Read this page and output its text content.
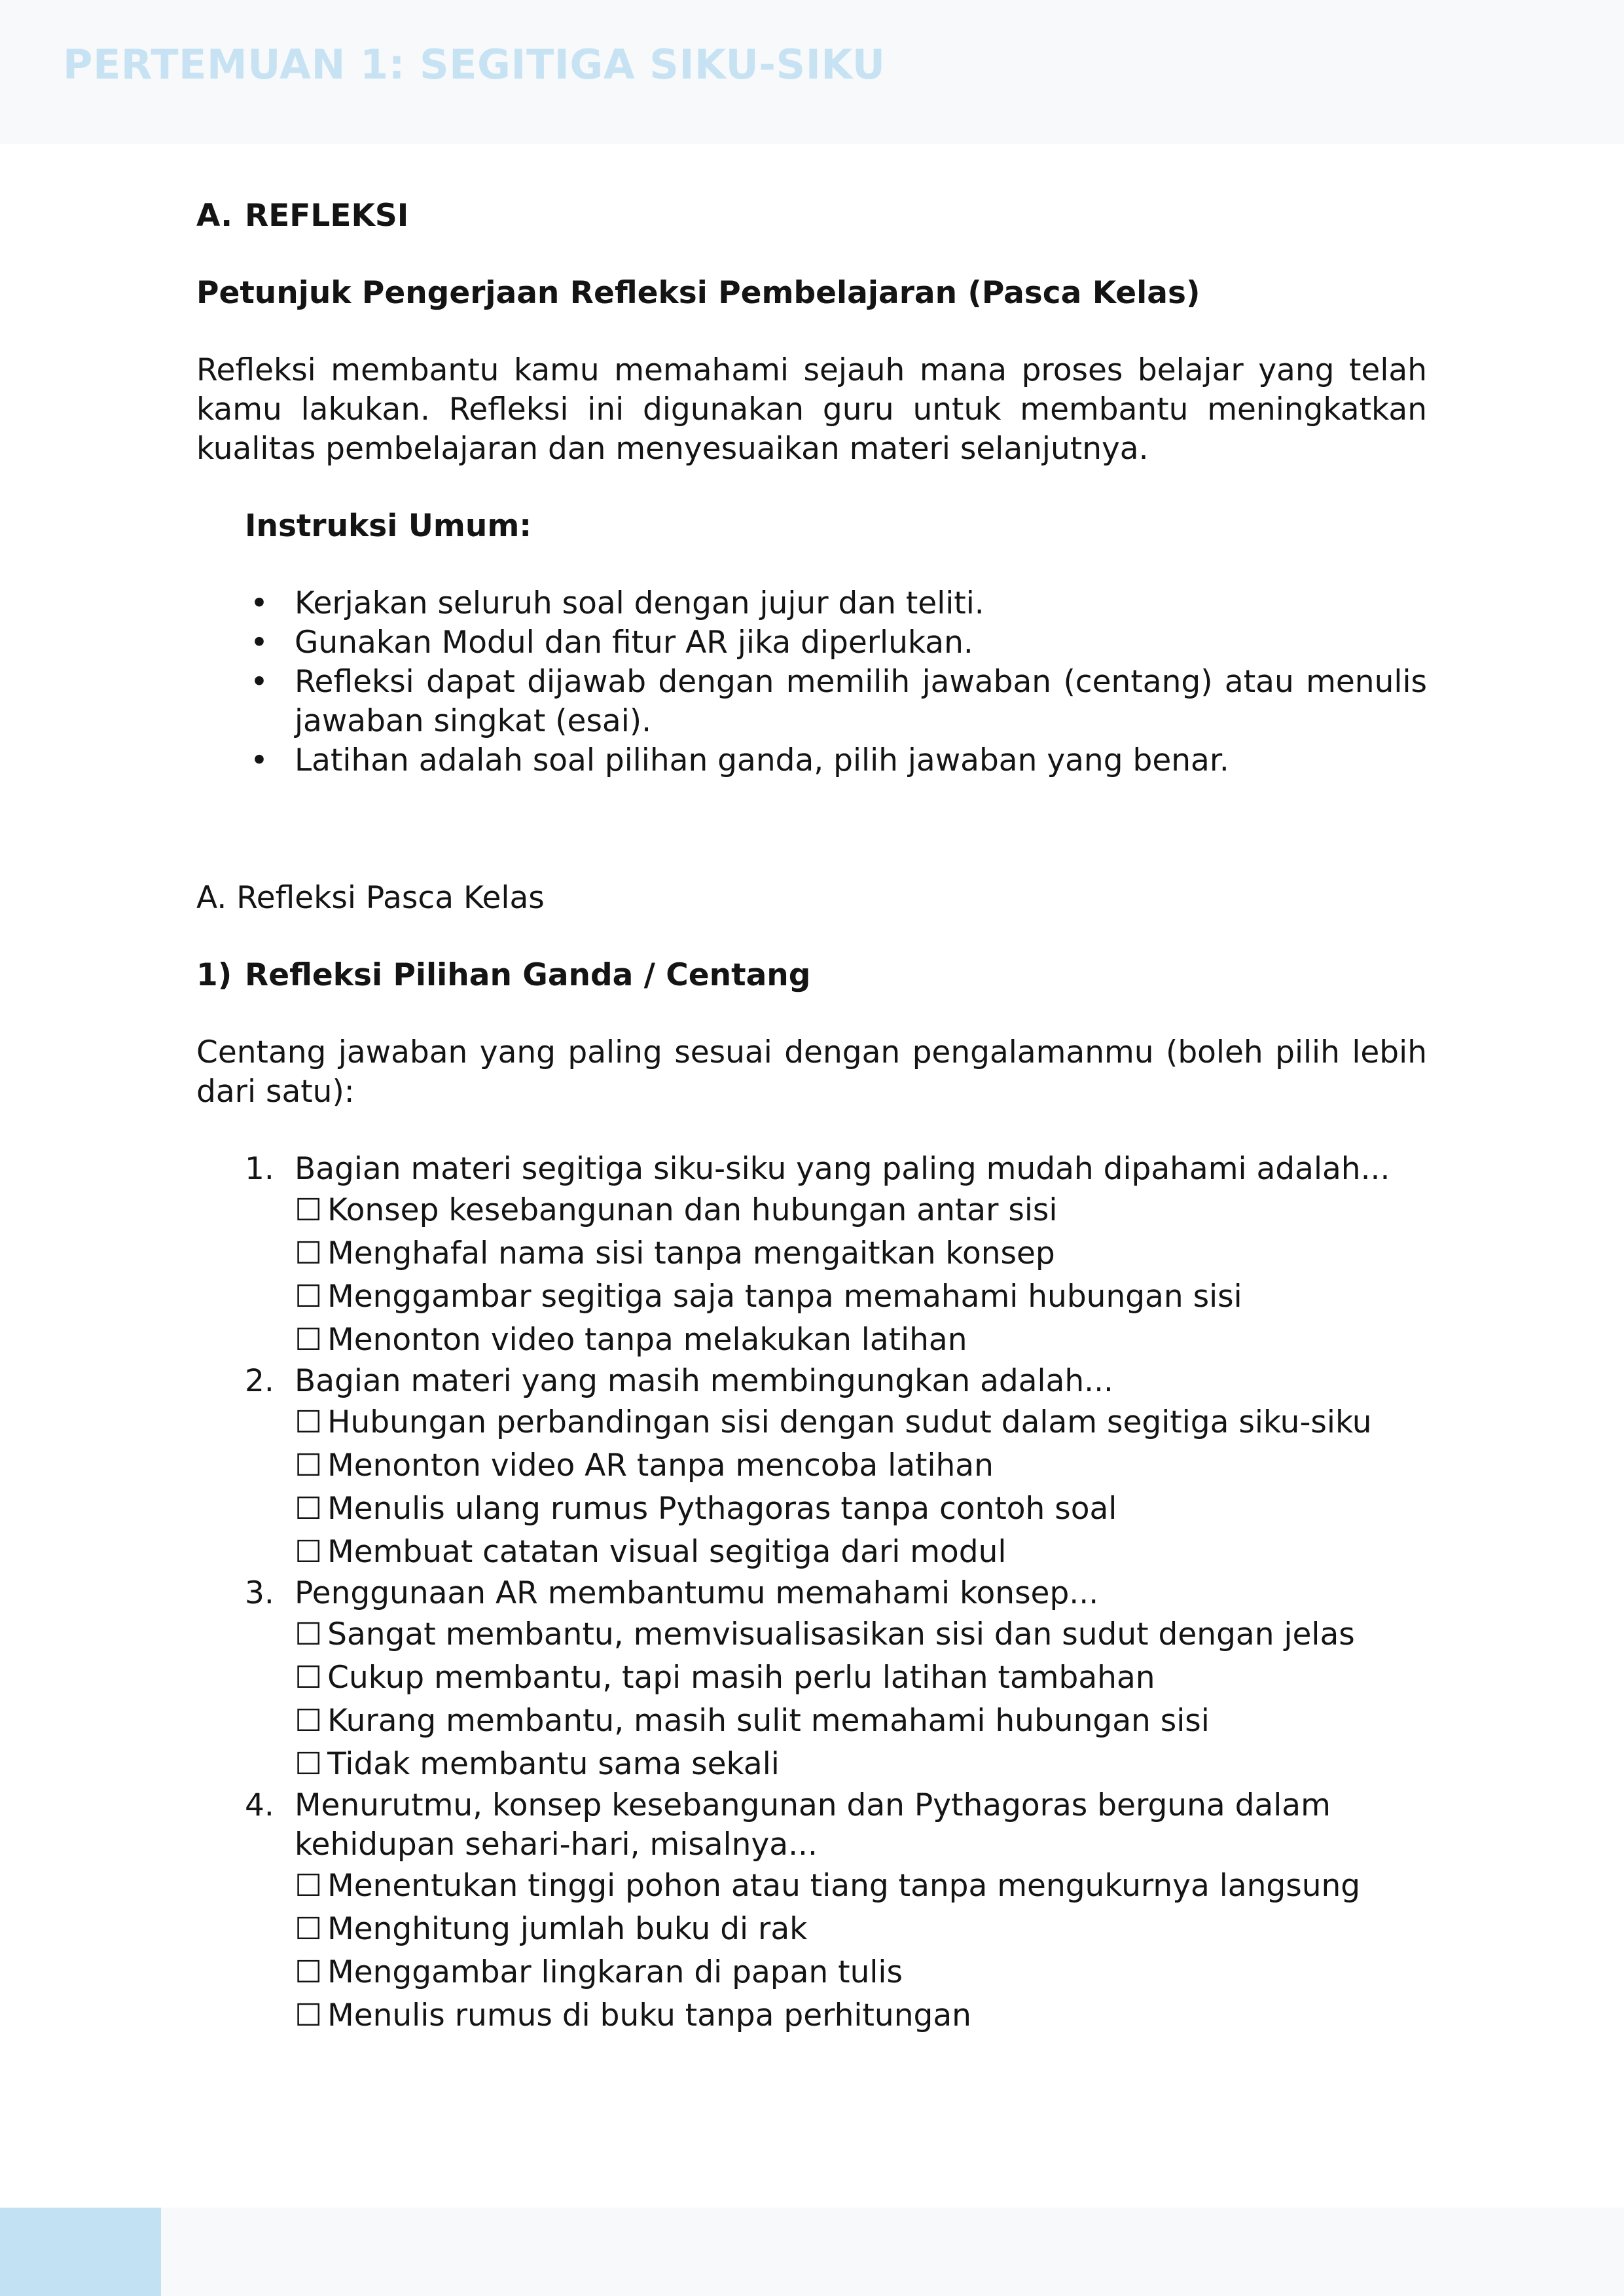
PERTEMUAN 1: SEGITIGA SIKU-SIKU
A. REFLEKSI
Petunjuk Pengerjaan Refleksi Pembelajaran (Pasca Kelas)
Refleksi membantu kamu memahami sejauh mana proses belajar yang telah kamu lakukan. Refleksi ini digunakan guru untuk membantu meningkatkan kualitas pembelajaran dan menyesuaikan materi selanjutnya.
Instruksi Umum:
• Kerjakan seluruh soal dengan jujur dan teliti.
• Gunakan Modul dan fitur AR jika diperlukan.
• Refleksi dapat dijawab dengan memilih jawaban (centang) atau menulis jawaban singkat (esai).
• Latihan adalah soal pilihan ganda, pilih jawaban yang benar.
A. Refleksi Pasca Kelas
1) Refleksi Pilihan Ganda / Centang
Centang jawaban yang paling sesuai dengan pengalamanmu (boleh pilih lebih dari satu):
1. Bagian materi segitiga siku-siku yang paling mudah dipahami adalah...
☐ Konsep kesebangunan dan hubungan antar sisi
☐ Menghafal nama sisi tanpa mengaitkan konsep
☐ Menggambar segitiga saja tanpa memahami hubungan sisi
☐ Menonton video tanpa melakukan latihan
2. Bagian materi yang masih membingungkan adalah...
☐ Hubungan perbandingan sisi dengan sudut dalam segitiga siku-siku
☐ Menonton video AR tanpa mencoba latihan
☐ Menulis ulang rumus Pythagoras tanpa contoh soal
☐ Membuat catatan visual segitiga dari modul
3. Penggunaan AR membantumu memahami konsep...
☐ Sangat membantu, memvisualisasikan sisi dan sudut dengan jelas
☐ Cukup membantu, tapi masih perlu latihan tambahan
☐ Kurang membantu, masih sulit memahami hubungan sisi
☐ Tidak membantu sama sekali
4. Menurutmu, konsep kesebangunan dan Pythagoras berguna dalam kehidupan sehari-hari, misalnya...
☐ Menentukan tinggi pohon atau tiang tanpa mengukurnya langsung
☐ Menghitung jumlah buku di rak
☐ Menggambar lingkaran di papan tulis
☐ Menulis rumus di buku tanpa perhitungan
